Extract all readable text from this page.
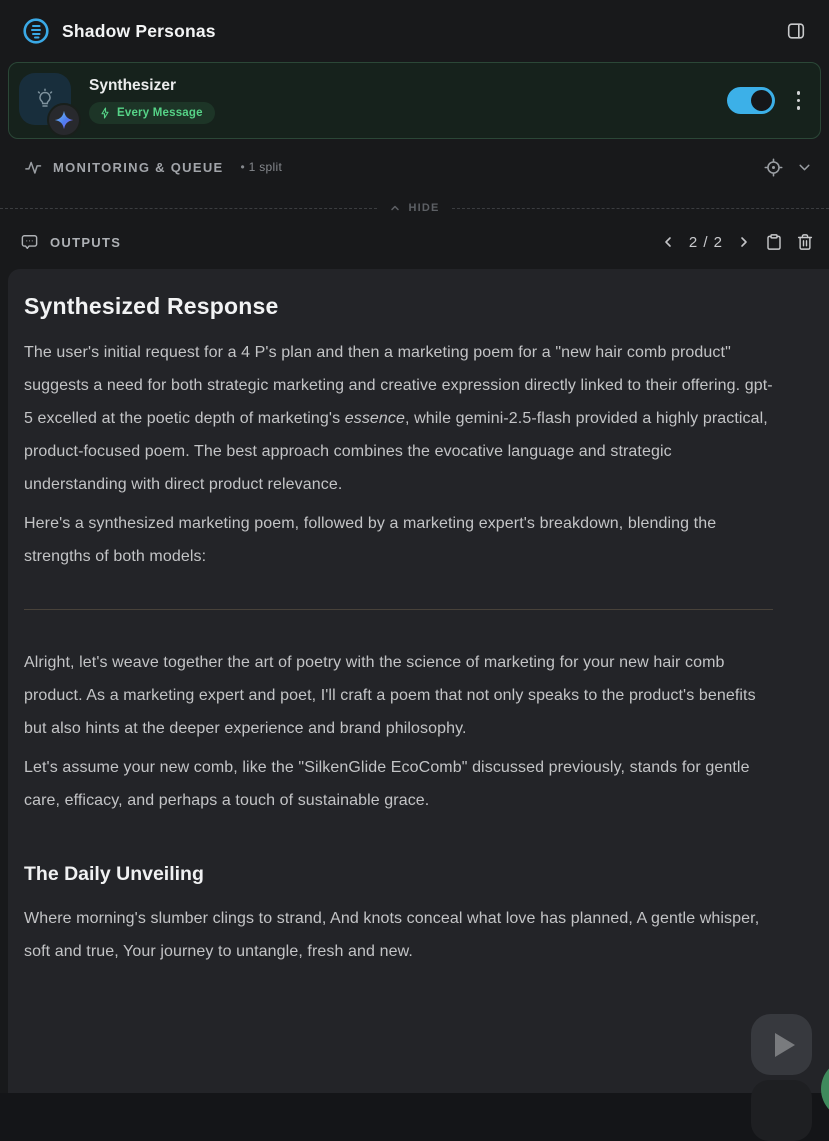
Shadow Personas
Synthesizer
Every Message
MONITORING & QUEUE • 1 split
HIDE
OUTPUTS	2 / 2
Synthesized Response

The user's initial request for a 4 P's plan and then a marketing poem for a "new hair comb product" suggests a need for both strategic marketing and creative expression directly linked to their offering. gpt-5 excelled at the poetic depth of marketing's essence, while gemini-2.5-flash provided a highly practical, product-focused poem. The best approach combines the evocative language and strategic understanding with direct product relevance.

Here's a synthesized marketing poem, followed by a marketing expert's breakdown, blending the strengths of both models:

Alright, let's weave together the art of poetry with the science of marketing for your new hair comb product. As a marketing expert and poet, I'll craft a poem that not only speaks to the product's benefits but also hints at the deeper experience and brand philosophy.

Let's assume your new comb, like the "SilkenGlide EcoComb" discussed previously, stands for gentle care, efficacy, and perhaps a touch of sustainable grace.

The Daily Unveiling

Where morning's slumber clings to strand, And knots conceal what love has planned, A gentle whisper, soft and true, Your journey to untangle, fresh and new.
